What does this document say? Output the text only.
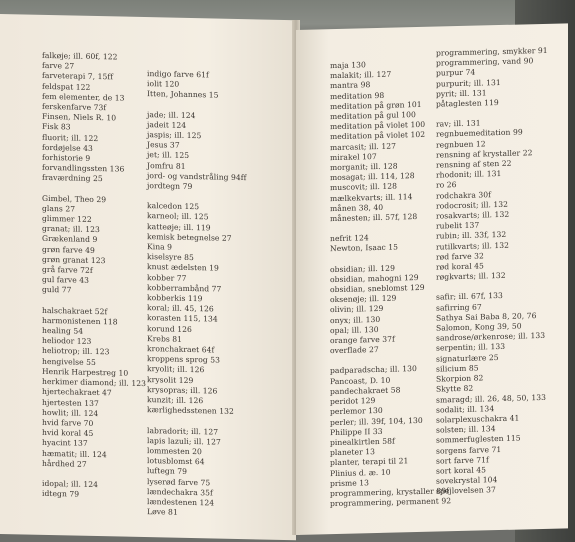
falkøje; ill. 60f, 122
farve 27
farveterapi 7, 15ff
feldspat 122
fem elementer, de 13
ferskenfarve 73f
Finsen, Niels R. 10
Fisk 83
fluorit; ill. 122
fordøjelse 43
forhistorie 9
forvandlingssten 136
fraværdning 25
Gimbel, Theo 29
glans 27
glimmer 122
granat; ill. 123
Grækenland 9
grøn farve 49
grøn granat 123
grå farve 72f
gul farve 43
guld 77
halschakraet 52f
harmonistenen 118
healing 54
heliodor 123
heliotrop; ill. 123
hengivelse 55
Henrik Harpestreg 10
herkimer diamond; ill. 123
hjertechakraet 47
hjertesten 137
howlit; ill. 124
hvid farve 70
hvid koral 45
hyacint 137
hæmatit; ill. 124
hårdhed 27
idopal; ill. 124
idtegn 79
indigo farve 61f
iolit 120
Itten, Johannes 15
jade; ill. 124
jadeit 124
jaspis; ill. 125
Jesus 37
jet; ill. 125
Jomfru 81
jord- og vandstråling 94ff
jordtegn 79
kalcedon 125
karneol; ill. 125
katteøje; ill. 119
kemisk betegnelse 27
Kina 9
kiselsyre 85
knust ædelsten 19
kobber 77
kobberrambånd 77
kobberkis 119
koral; ill. 45, 126
korasten 115, 134
korund 126
Krebs 81
kronchakraet 64f
kroppens sprog 53
kryolit; ill. 126
krysolit 129
krysopras; ill. 126
kunzit; ill. 126
kærlighedsstenen 132
labradorit; ill. 127
lapis lazuli; ill. 127
lommesten 20
lotusblomst 64
luftegn 79
lyserød farve 75
lændechakra 35f
lændestenen 124
Løve 81
maja 130
malakit; ill. 127
mantra 98
meditation 98
meditation på grøn 101
meditation på gul 100
meditation på violet 100
meditation på violet 102
marcasit; ill. 127
mirakel 107
morganit; ill. 128
mosagat; ill. 114, 128
muscovit; ill. 128
mælkekvarts; ill. 114
månen 38, 40
månesten; ill. 57f, 128
nefrit 124
Newton, Isaac 15
obsidian; ill. 129
obsidian, mahogni 129
obsidian, sneblomst 129
oksenøje; ill. 129
olivin; ill. 129
onyx; ill. 130
opal; ill. 130
orange farve 37f
overflade 27
padparadscha; ill. 130
Pancoast, D. 10
pandechakraet 58
peridot 129
perlemor 130
perler; ill. 39f, 104, 130
Philippe II 33
pinealkirtlen 58f
planeter 13
planter, terapi til 21
Plinius d. æ. 10
prisme 13
programmering, krystaller 89f
programmering, permanent 92
programmering, smykker 91
programmering, vand 90
purpur 74
purpurit; ill. 131
pyrit; ill. 131
påtaglesten 119
rav; ill. 131
regnbuemeditation 99
regnbuen 12
rensning af krystaller 22
rensning af sten 22
rhodonit; ill. 131
ro 26
rodchakra 30f
rodocrosit; ill. 132
rosakvarts; ill. 132
rubelit 137
rubin; ill. 33f, 132
rutilkvarts; ill. 132
rød farve 32
rød koral 45
røgkvarts; ill. 132
safir; ill. 67f, 133
safirring 67
Sathya Sai Baba 8, 20, 76
Salomon, Kong 39, 50
sandrose/ørkenrose; ill. 133
serpentin; ill. 133
signaturlære 25
silicium 85
Skorpion 82
Skytte 82
smaragd; ill. 26, 48, 50, 133
sodalit; ill. 134
solarplexuschakra 41
solsten; ill. 134
sommerfuglesten 115
sorgens farve 71
sort farve 71f
sort koral 45
sovekrystal 104
spejlovelsen 37
